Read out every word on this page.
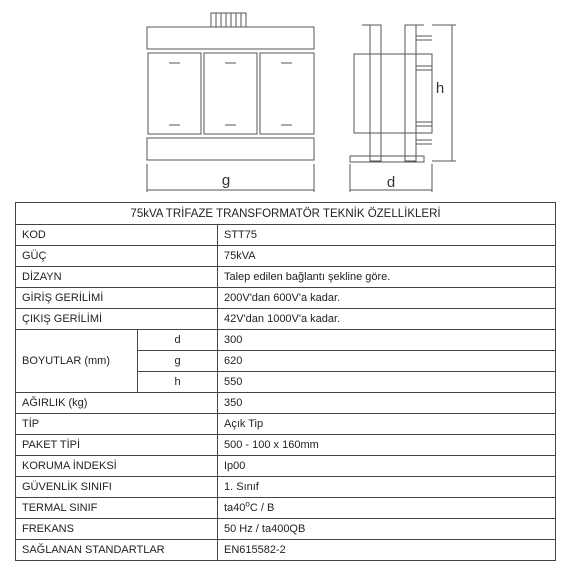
g	d
h
75kVA TRİFAZE TRANSFORMATÖR TEKNİK ÖZELLİKLERİ		
KOD		STT75
GÜÇ		75kVA
DİZAYN		Talep edilen bağlantı şekline göre.
GİRİŞ GERİLİMİ		200V'dan 600V'a kadar.
ÇIKIŞ GERİLİMİ		42V'dan 1000V'a kadar.
BOYUTLAR (mm)	d	300
	g	620
	h	550
AĞIRLIK (kg)		350
TİP		Açık Tip
PAKET TİPİ		500 - 100 x 160mm
KORUMA İNDEKSİ		Ip00
GÜVENLİK SINIFI		1. Sınıf
TERMAL SINIF		ta40$^o$C / B
FREKANS		50 Hz / ta400QB
SAĞLANAN STANDARTLAR		EN615582-2
